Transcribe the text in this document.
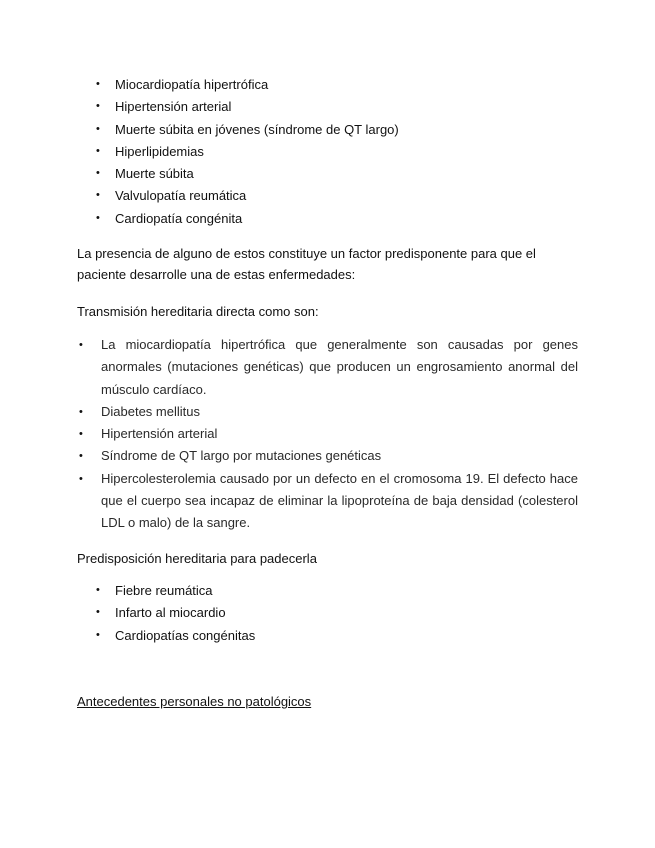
• Miocardiopatía hipertrófica
• Hipertensión arterial
• Muerte súbita en jóvenes (síndrome de QT largo)
• Hiperlipidemias
• Muerte súbita
• Valvulopatía reumática
• Cardiopatía congénita

La presencia de alguno de estos constituye un factor predisponente para que el paciente desarrolle una de estas enfermedades:

Transmisión hereditaria directa como son:

• La miocardiopatía hipertrófica que generalmente son causadas por genes anormales (mutaciones genéticas) que producen un engrosamiento anormal del músculo cardíaco.
• Diabetes mellitus
• Hipertensión arterial
• Síndrome de QT largo por mutaciones genéticas
• Hipercolesterolemia causado por un defecto en el cromosoma 19. El defecto hace que el cuerpo sea incapaz de eliminar la lipoproteína de baja densidad (colesterol LDL o malo) de la sangre.

Predisposición hereditaria para padecerla

• Fiebre reumática
• Infarto al miocardio
• Cardiopatías congénitas
Antecedentes personales no patológicos
